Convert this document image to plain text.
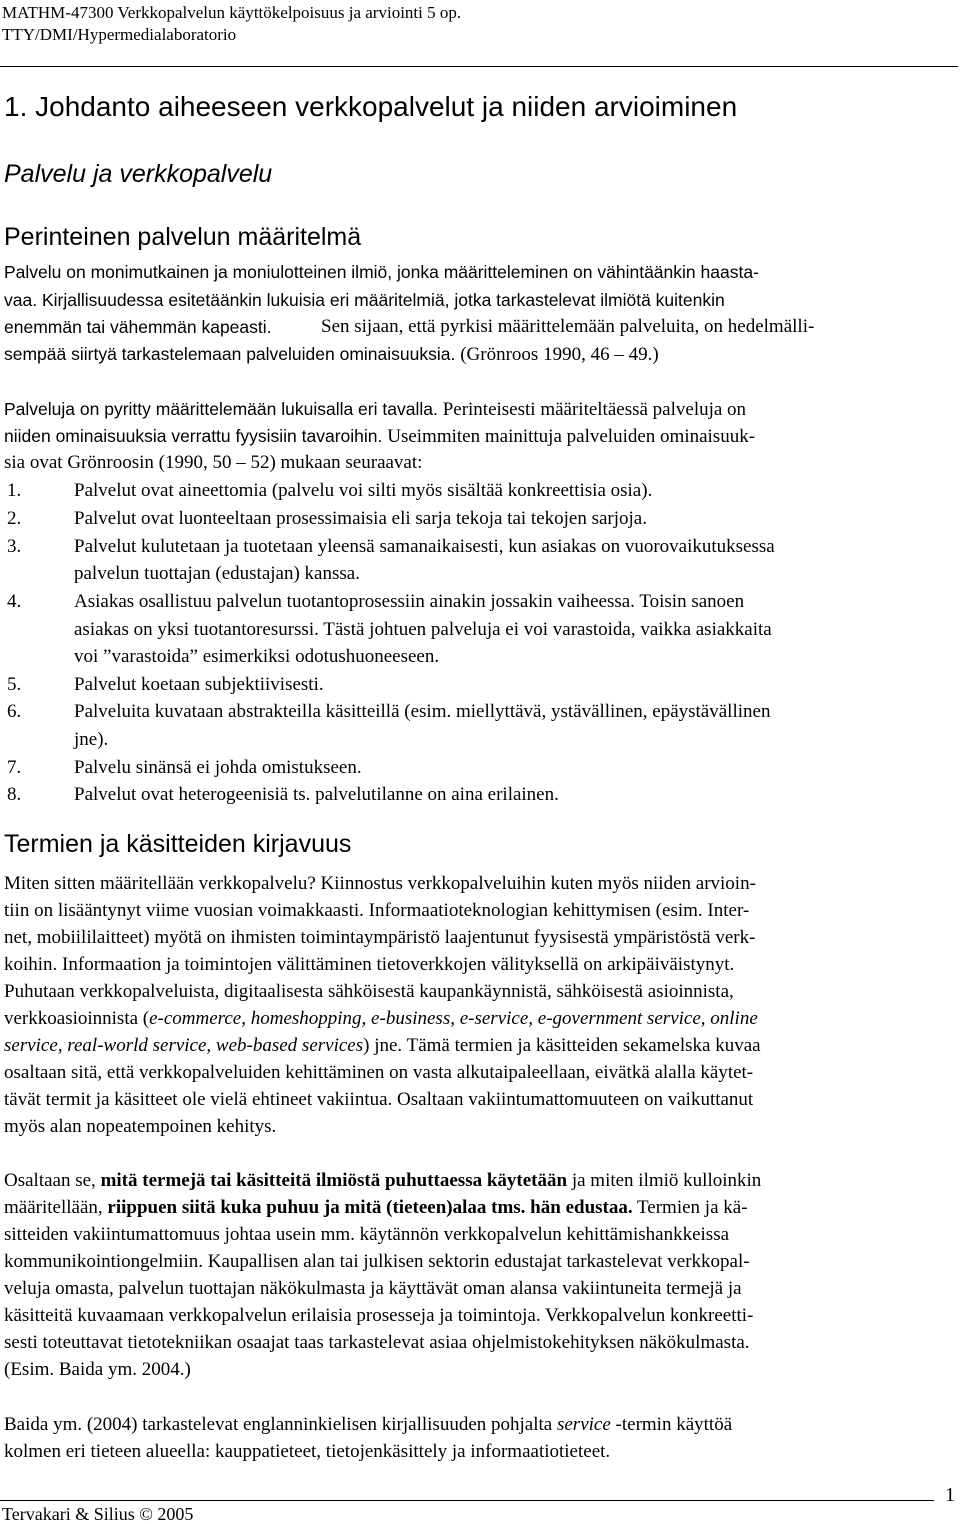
MATHM-47300 Verkkopalvelun käyttökelpoisuus ja arviointi 5 op.
TTY/DMI/Hypermedialaboratorio
1. Johdanto aiheeseen verkkopalvelut ja niiden arvioiminen
Palvelu ja verkkopalvelu
Perinteinen palvelun määritelmä
Palvelu on monimutkainen ja moniulotteinen ilmiö, jonka määritteleminen on vähintäänkin haasta-
vaa. Kirjallisuudessa esitetäänkin lukuisia eri määritelmiä, jotka tarkastelevat ilmiötä kuitenkin
enemmän tai vähemmän kapeasti.	Sen sijaan, että pyrkisi määrittelemään palveluita, on hedelmälli-
sempää siirtyä tarkastelemaan palveluiden ominaisuuksia. (Grönroos 1990, 46 – 49.)
Palveluja on pyritty määrittelemään lukuisalla eri tavalla. Perinteisesti määriteltäessä palveluja on
niiden ominaisuuksia verrattu fyysisiin tavaroihin. Useimmiten mainittuja palveluiden ominaisuuk-
sia ovat Grönroosin (1990, 50 – 52) mukaan seuraavat:
1.	Palvelut ovat aineettomia (palvelu voi silti myös sisältää konkreettisia osia).
2.	Palvelut ovat luonteeltaan prosessimaisia eli sarja tekoja tai tekojen sarjoja.
3.	Palvelut kulutetaan ja tuotetaan yleensä samanaikaisesti, kun asiakas on vuorovaikutuksessa
palvelun tuottajan (edustajan) kanssa.
4.	Asiakas osallistuu palvelun tuotantoprosessiin ainakin jossakin vaiheessa. Toisin sanoen
asiakas on yksi tuotantoresurssi. Tästä johtuen palveluja ei voi varastoida, vaikka asiakkaita
voi ”varastoida” esimerkiksi odotushuoneeseen.
5.	Palvelut koetaan subjektiivisesti.
6.	Palveluita kuvataan abstrakteilla käsitteillä (esim. miellyttävä, ystävällinen, epäystävällinen
jne).
7.	Palvelu sinänsä ei johda omistukseen.
8.	Palvelut ovat heterogeenisiä ts. palvelutilanne on aina erilainen.
Termien ja käsitteiden kirjavuus
Miten sitten määritellään verkkopalvelu? Kiinnostus verkkopalveluihin kuten myös niiden arvioin-
tiin on lisääntynyt viime vuosian voimakkaasti. Informaatioteknologian kehittymisen (esim. Inter-
net, mobiililaitteet) myötä on ihmisten toimintaympäristö laajentunut fyysisestä ympäristöstä verk-
koihin. Informaation ja toimintojen välittäminen tietoverkkojen välityksellä on arkipäiväistynyt.
Puhutaan verkkopalveluista, digitaalisesta sähköisestä kaupankäynnistä, sähköisestä asioinnista,
verkkoasioinnista (e-commerce, homeshopping, e-business, e-service, e-government service, online
service, real-world service, web-based services) jne. Tämä termien ja käsitteiden sekamelska kuvaa
osaltaan sitä, että verkkopalveluiden kehittäminen on vasta alkutaipaleellaan, eivätkä alalla käytet-
tävät termit ja käsitteet ole vielä ehtineet vakiintua. Osaltaan vakiintumattomuuteen on vaikuttanut
myös alan nopeatempoinen kehitys.
Osaltaan se, mitä termejä tai käsitteitä ilmiöstä puhuttaessa käytetään ja miten ilmiö kulloinkin
määritellään, riippuen siitä kuka puhuu ja mitä (tieteen)alaa tms. hän edustaa. Termien ja kä-
sitteiden vakiintumattomuus johtaa usein mm. käytännön verkkopalvelun kehittämishankkeissa
kommunikointiongelmiin. Kaupallisen alan tai julkisen sektorin edustajat tarkastelevat verkkopal-
veluja omasta, palvelun tuottajan näkökulmasta ja käyttävät oman alansa vakiintuneita termejä ja
käsitteitä kuvaamaan verkkopalvelun erilaisia prosesseja ja toimintoja. Verkkopalvelun konkreetti-
sesti toteuttavat tietotekniikan osaajat taas tarkastelevat asiaa ohjelmistokehityksen näkökulmasta.
(Esim. Baida ym. 2004.)
Baida ym. (2004) tarkastelevat englanninkielisen kirjallisuuden pohjalta service -termin käyttöä
kolmen eri tieteen alueella: kauppatieteet, tietojenkäsittely ja informaatiotieteet.
1
Tervakari & Silius © 2005
